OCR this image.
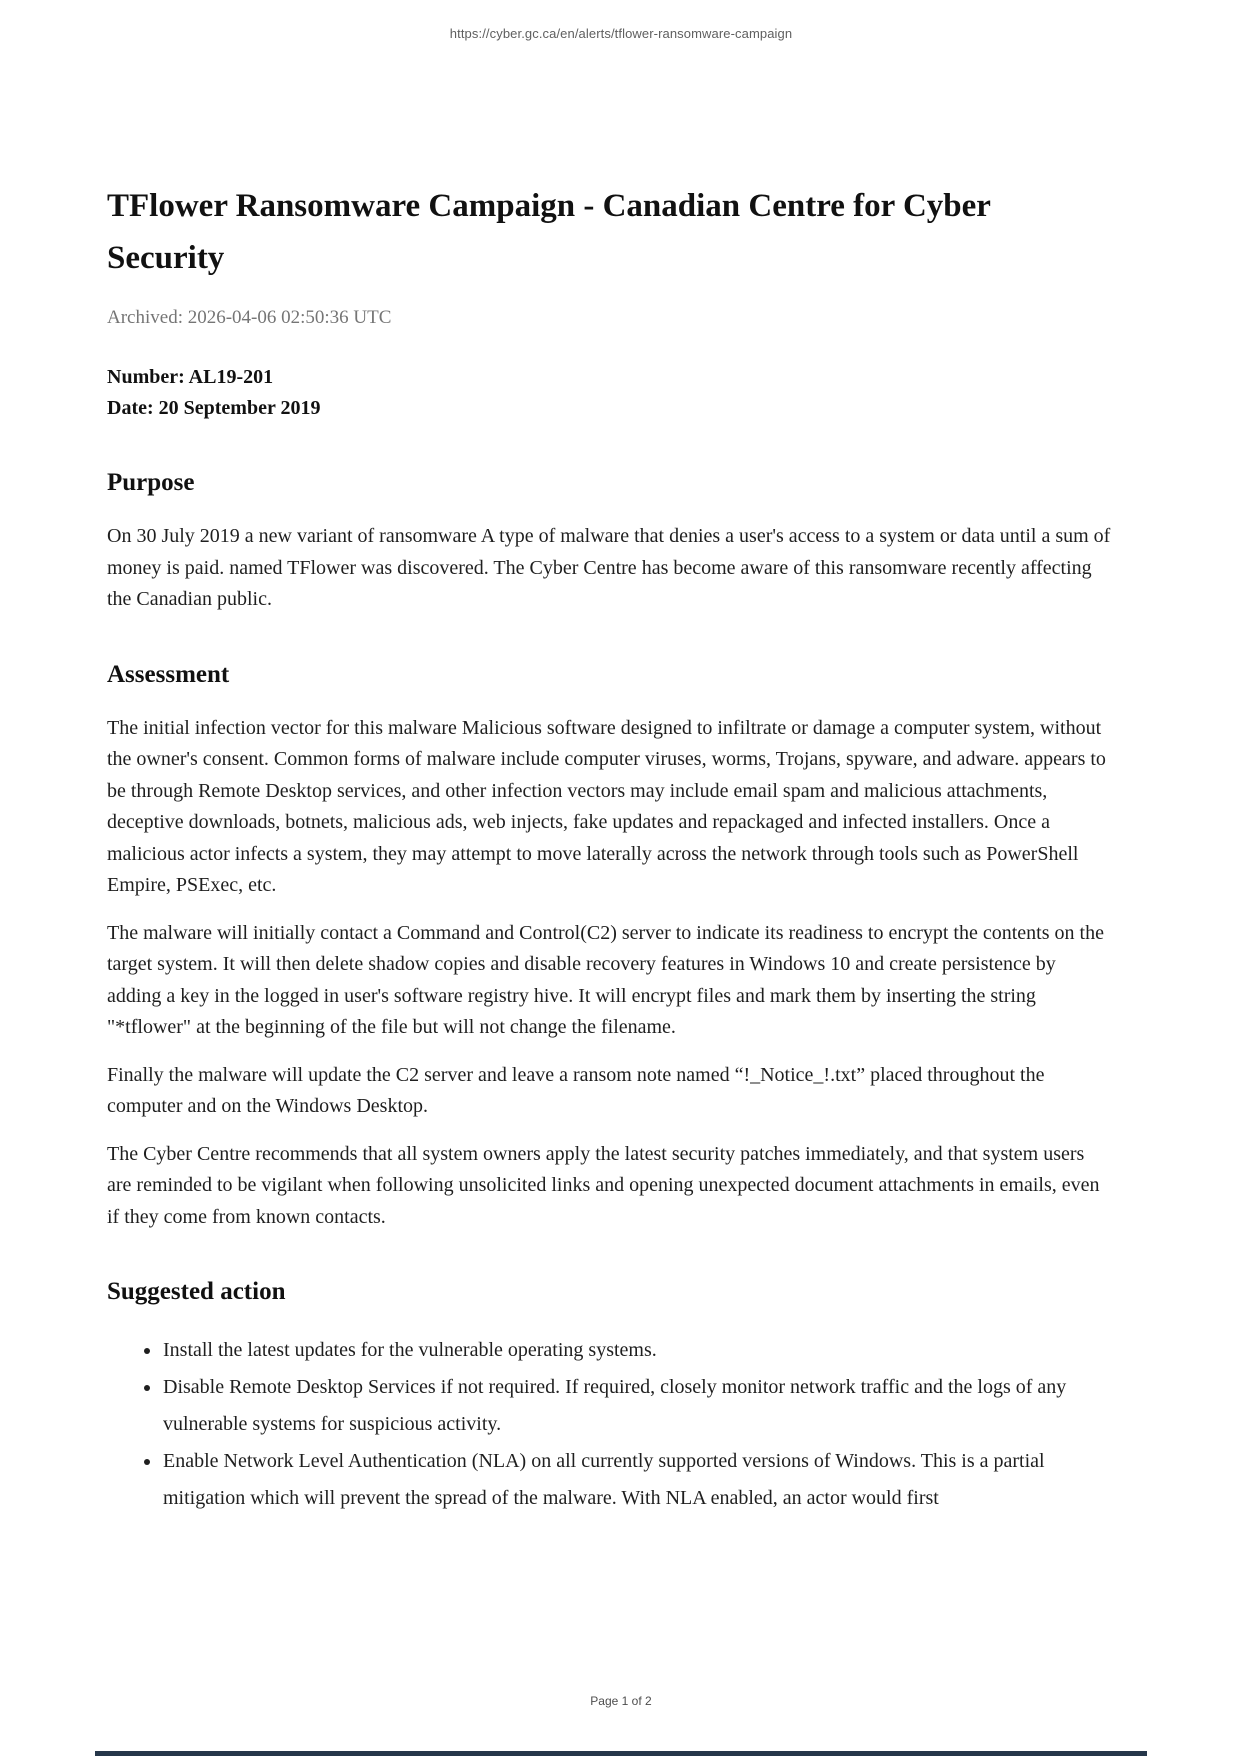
https://cyber.gc.ca/en/alerts/tflower-ransomware-campaign
TFlower Ransomware Campaign - Canadian Centre for Cyber Security

Archived: 2026-04-06 02:50:36 UTC

Number: AL19-201
Date: 20 September 2019
Purpose

On 30 July 2019 a new variant of ransomware A type of malware that denies a user's access to a system or data until a sum of money is paid. named TFlower was discovered. The Cyber Centre has become aware of this ransomware recently affecting the Canadian public.

Assessment

The initial infection vector for this malware Malicious software designed to infiltrate or damage a computer system, without the owner's consent. Common forms of malware include computer viruses, worms, Trojans, spyware, and adware. appears to be through Remote Desktop services, and other infection vectors may include email spam and malicious attachments, deceptive downloads, botnets, malicious ads, web injects, fake updates and repackaged and infected installers. Once a malicious actor infects a system, they may attempt to move laterally across the network through tools such as PowerShell Empire, PSExec, etc.

The malware will initially contact a Command and Control(C2) server to indicate its readiness to encrypt the contents on the target system. It will then delete shadow copies and disable recovery features in Windows 10 and create persistence by adding a key in the logged in user's software registry hive. It will encrypt files and mark them by inserting the string "*tflower" at the beginning of the file but will not change the filename.

Finally the malware will update the C2 server and leave a ransom note named “!_Notice_!.txt” placed throughout the computer and on the Windows Desktop.

The Cyber Centre recommends that all system owners apply the latest security patches immediately, and that system users are reminded to be vigilant when following unsolicited links and opening unexpected document attachments in emails, even if they come from known contacts.

Suggested action
• Install the latest updates for the vulnerable operating systems.
• Disable Remote Desktop Services if not required. If required, closely monitor network traffic and the logs of any vulnerable systems for suspicious activity.
• Enable Network Level Authentication (NLA) on all currently supported versions of Windows. This is a partial mitigation which will prevent the spread of the malware. With NLA enabled, an actor would first
Page 1 of 2
